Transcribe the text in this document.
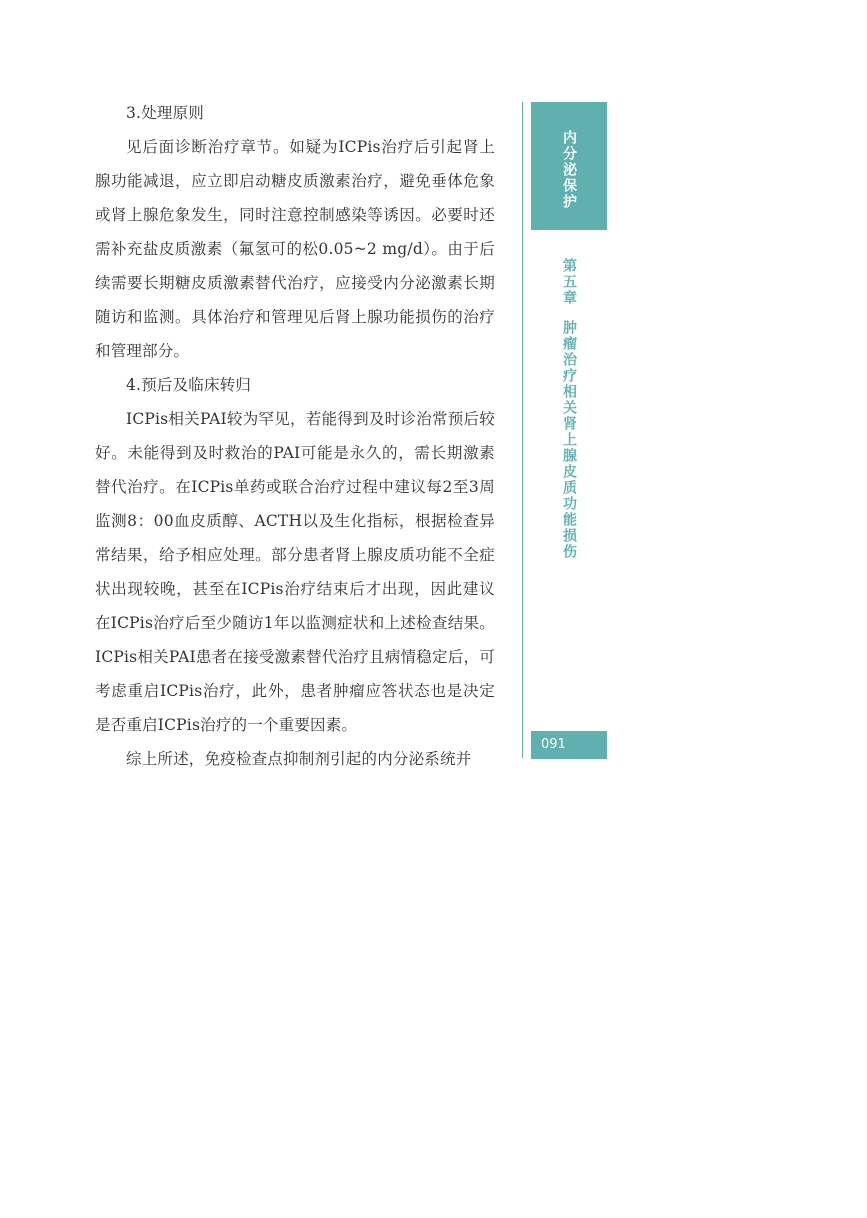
3.处理原则

见后面诊断治疗章节。如疑为ICPis治疗后引起肾上腺功能减退，应立即启动糖皮质激素治疗，避免垂体危象或肾上腺危象发生，同时注意控制感染等诱因。必要时还需补充盐皮质激素（氟氢可的松0.05~2 mg/d）。由于后续需要长期糖皮质激素替代治疗，应接受内分泌激素长期随访和监测。具体治疗和管理见后肾上腺功能损伤的治疗和管理部分。

4.预后及临床转归

ICPis相关PAI较为罕见，若能得到及时诊治常预后较好。未能得到及时救治的PAI可能是永久的，需长期激素替代治疗。在ICPis单药或联合治疗过程中建议每2至3周监测8：00血皮质醇、ACTH以及生化指标，根据检查异常结果，给予相应处理。部分患者肾上腺皮质功能不全症状出现较晚，甚至在ICPis治疗结束后才出现，因此建议在ICPis治疗后至少随访1年以监测症状和上述检查结果。ICPis相关PAI患者在接受激素替代治疗且病情稳定后，可考虑重启ICPis治疗，此外，患者肿瘤应答状态也是决定是否重启ICPis治疗的一个重要因素。

综上所述，免疫检查点抑制剂引起的内分泌系统并

内分泌保护
第五章肿瘤治疗相关肾上腺皮质功能损伤
091
